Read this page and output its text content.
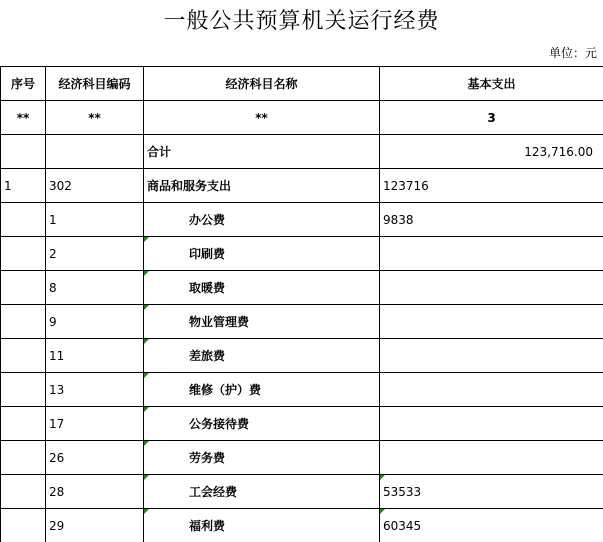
一般公共预算机关运行经费
单位：元
序号	经济科目编码	经济科目名称	基本支出
**	**	**	3
		合计	123,716.00
1	302	商品和服务支出	123716
	1	办公费	9838
	2	印刷费	
	8	取暖费	
	9	物业管理费	
	11	差旅费	
	13	维修（护）费	
	17	公务接待费	
	26	劳务费	
	28	工会经费	53533
	29	福利费	60345
